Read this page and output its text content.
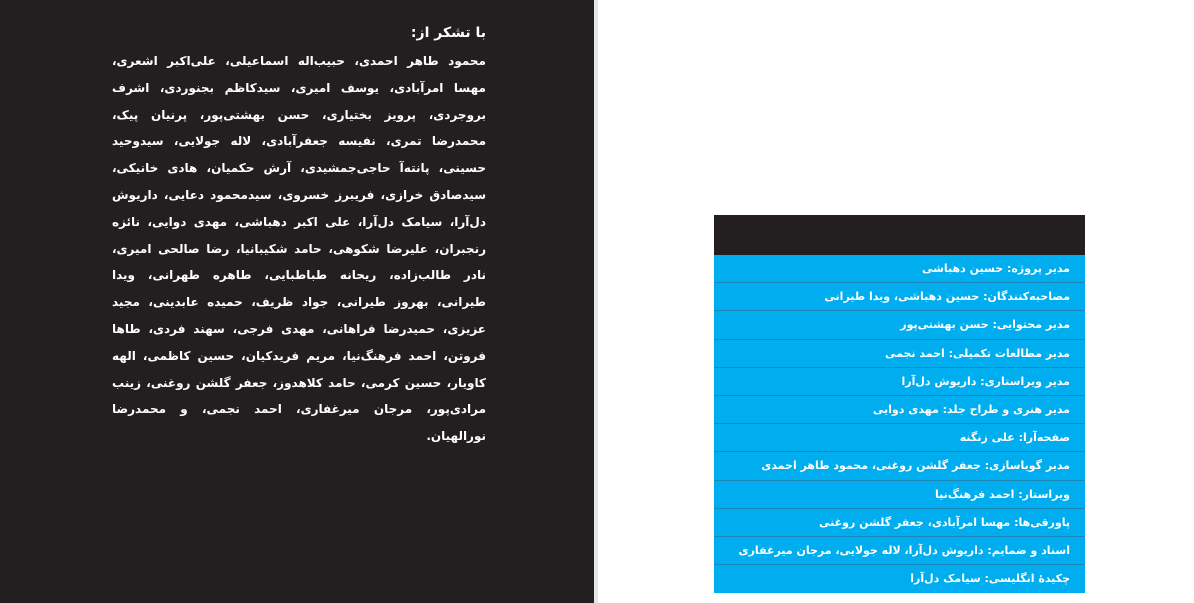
با تشکر از:

محمود طاهر احمدی، حبیب‌اله اسماعیلی، علی‌اکبر اشعری، مهسا امرآبادی، یوسف امیری، سیدکاظم بجنوردی، اشرف بروجردی، پرویز بختیاری، حسن بهشتی‌پور، پرنیان پیک، محمدرضا تمری، نفیسه جعفرآبادی، لاله جولایی، سیدوحید حسینی، پانته‌آ حاجی‌جمشیدی، آرش حکمیان، هادی خانیکی، سیدصادق خرازی، فریبرز خسروی، سیدمحمود دعایی، داریوش دل‌آرا، سیامک دل‌آرا، علی اکبر دهباشی، مهدی دوایی، نائزه رنجبران، علیرضا شکوهی، حامد شکیبانیا، رضا صالحی امیری، نادر طالب‌زاده، ریحانه طباطبایی، طاهره طهرانی، ویدا طیرانی، بهروز طیرانی، جواد ظریف، حمیده عابدینی، مجید عزیزی، حمیدرضا فراهانی، مهدی فرجی، سهند فردی، طاها فروتن، احمد فرهنگ‌نیا، مریم فریدکیان، حسین کاظمی، الهه کاویار، حسین کرمی، حامد کلاهدوز، جعفر گلشن روغنی، زینب مرادی‌پور، مرجان میرغفاری، احمد نجمی، و محمدرضا نورالهیان.

مدیر پروژه: حسین دهباشی
مصاحبه‌کنندگان: حسین دهباشی، ویدا طیرانی
مدیر محتوایی: حسن بهشتی‌پور
مدیر مطالعات تکمیلی: احمد نجمی
مدیر ویراستاری: داریوش دل‌آرا
مدیر هنری و طراح جلد: مهدی دوایی
صفحه‌آرا: علی زنگنه
مدیر گویاسازی: جعفر گلشن روغنی، محمود طاهر احمدی
ویراستار: احمد فرهنگ‌نیا
پاورقی‌ها: مهسا امرآبادی، جعفر گلشن روغنی
اسناد و ضمایم: داریوش دل‌آرا، لاله جولایی، مرجان میرغفاری
چکیدهٔ انگلیسی: سیامک دل‌آرا
